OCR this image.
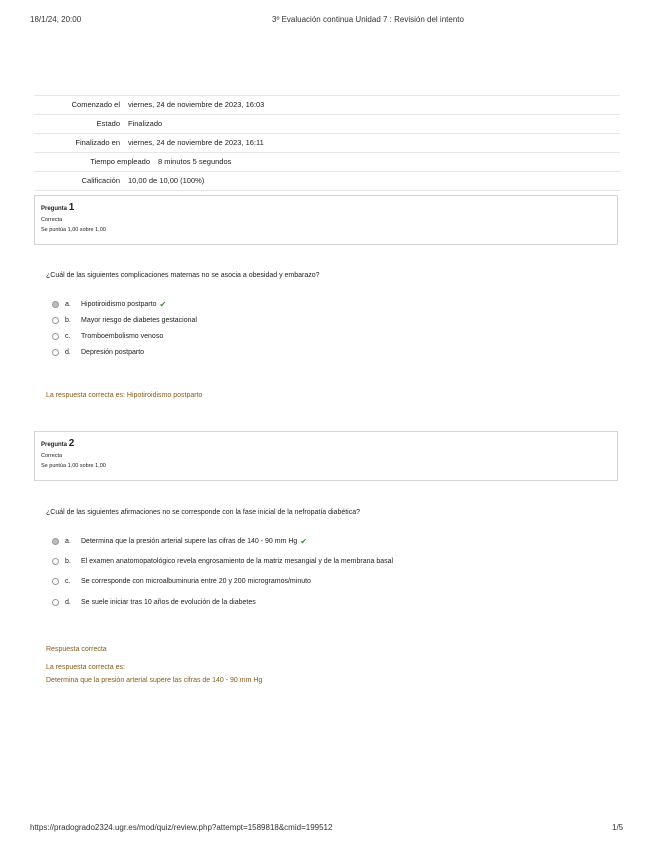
18/1/24, 20:00	3º Evaluación continua Unidad 7 : Revisión del intento
Comenzado el	viernes, 24 de noviembre de 2023, 16:03
Estado	Finalizado
Finalizado en	viernes, 24 de noviembre de 2023, 16:11
Tiempo empleado	8 minutos 5 segundos
Calificación	10,00 de 10,00 (100%)
Pregunta 1
Correcta
Se puntúa 1,00 sobre 1,00
¿Cuál de las siguientes complicaciones maternas no se asocia a obesidad y embarazo?
a.	Hipotiroidismo postparto ✔
b.	Mayor riesgo de diabetes gestacional
c.	Tromboembolismo venoso
d.	Depresión postparto
La respuesta correcta es: Hipotiroidismo postparto
Pregunta 2
Correcta
Se puntúa 1,00 sobre 1,00
¿Cuál de las siguientes afirmaciones no se corresponde con la fase inicial de la nefropatía diabética?
a.	Determina que la presión arterial supere las cifras de 140 - 90 mm Hg ✔
b.	El examen anatomopatológico revela engrosamiento de la matriz mesangial y de la membrana basal
c.	Se corresponde con microalbuminuria entre 20 y 200 microgramos/minuto
d.	Se suele iniciar tras 10 años de evolución de la diabetes
Respuesta correcta
La respuesta correcta es:
Determina que la presión arterial supere las cifras de 140 - 90 mm Hg
https://pradogrado2324.ugr.es/mod/quiz/review.php?attempt=1589818&cmid=199512	1/5
